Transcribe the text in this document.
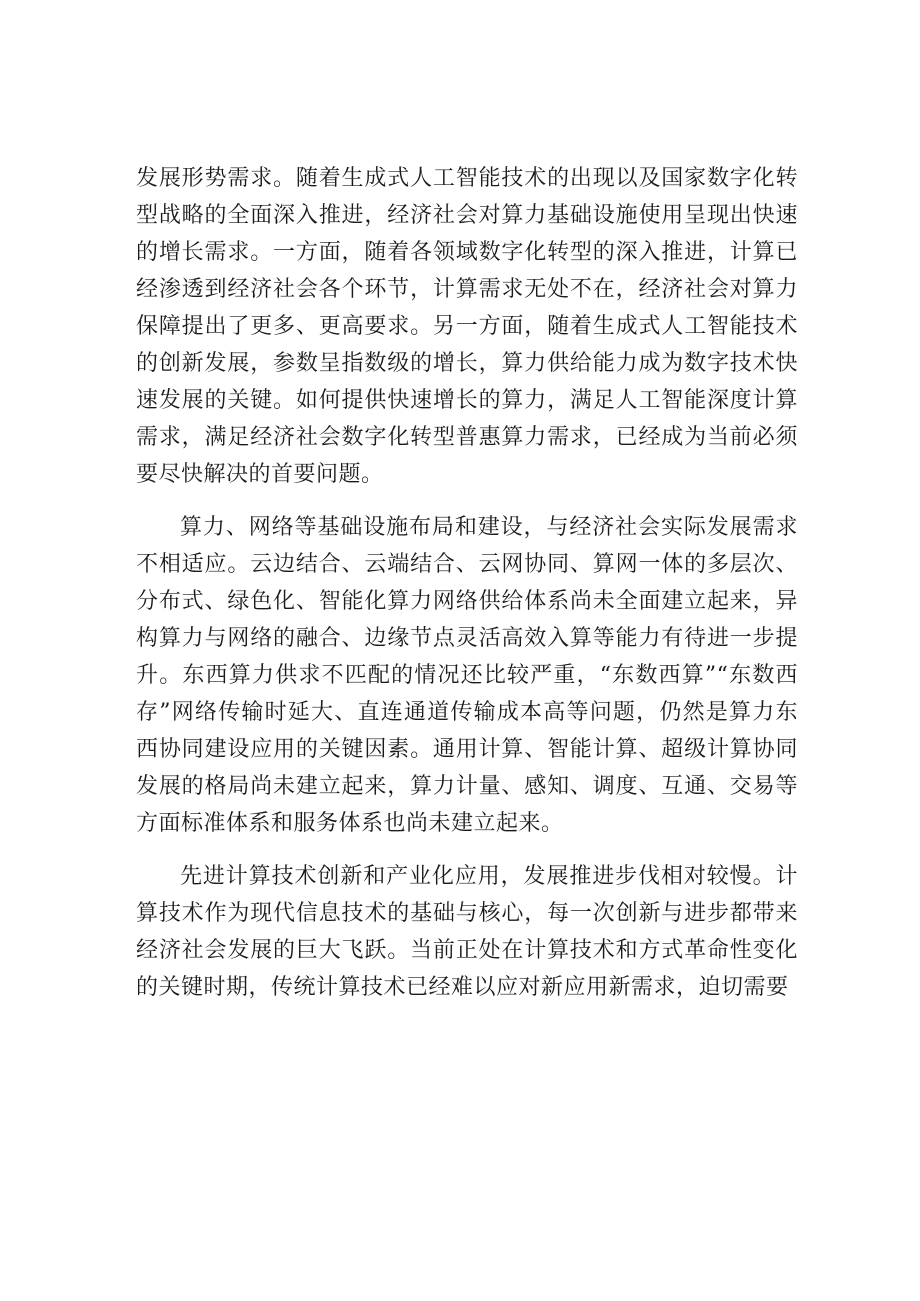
发展形势需求。随着生成式人工智能技术的出现以及国家数字化转型战略的全面深入推进，经济社会对算力基础设施使用呈现出快速的增长需求。一方面，随着各领域数字化转型的深入推进，计算已经渗透到经济社会各个环节，计算需求无处不在，经济社会对算力保障提出了更多、更高要求。另一方面，随着生成式人工智能技术的创新发展，参数呈指数级的增长，算力供给能力成为数字技术快速发展的关键。如何提供快速增长的算力，满足人工智能深度计算需求，满足经济社会数字化转型普惠算力需求，已经成为当前必须要尽快解决的首要问题。

算力、网络等基础设施布局和建设，与经济社会实际发展需求不相适应。云边结合、云端结合、云网协同、算网一体的多层次、分布式、绿色化、智能化算力网络供给体系尚未全面建立起来，异构算力与网络的融合、边缘节点灵活高效入算等能力有待进一步提升。东西算力供求不匹配的情况还比较严重，“东数西算”“东数西存”网络传输时延大、直连通道传输成本高等问题，仍然是算力东西协同建设应用的关键因素。通用计算、智能计算、超级计算协同发展的格局尚未建立起来，算力计量、感知、调度、互通、交易等方面标准体系和服务体系也尚未建立起来。

先进计算技术创新和产业化应用，发展推进步伐相对较慢。计算技术作为现代信息技术的基础与核心，每一次创新与进步都带来经济社会发展的巨大飞跃。当前正处在计算技术和方式革命性变化的关键时期，传统计算技术已经难以应对新应用新需求，迫切需要
